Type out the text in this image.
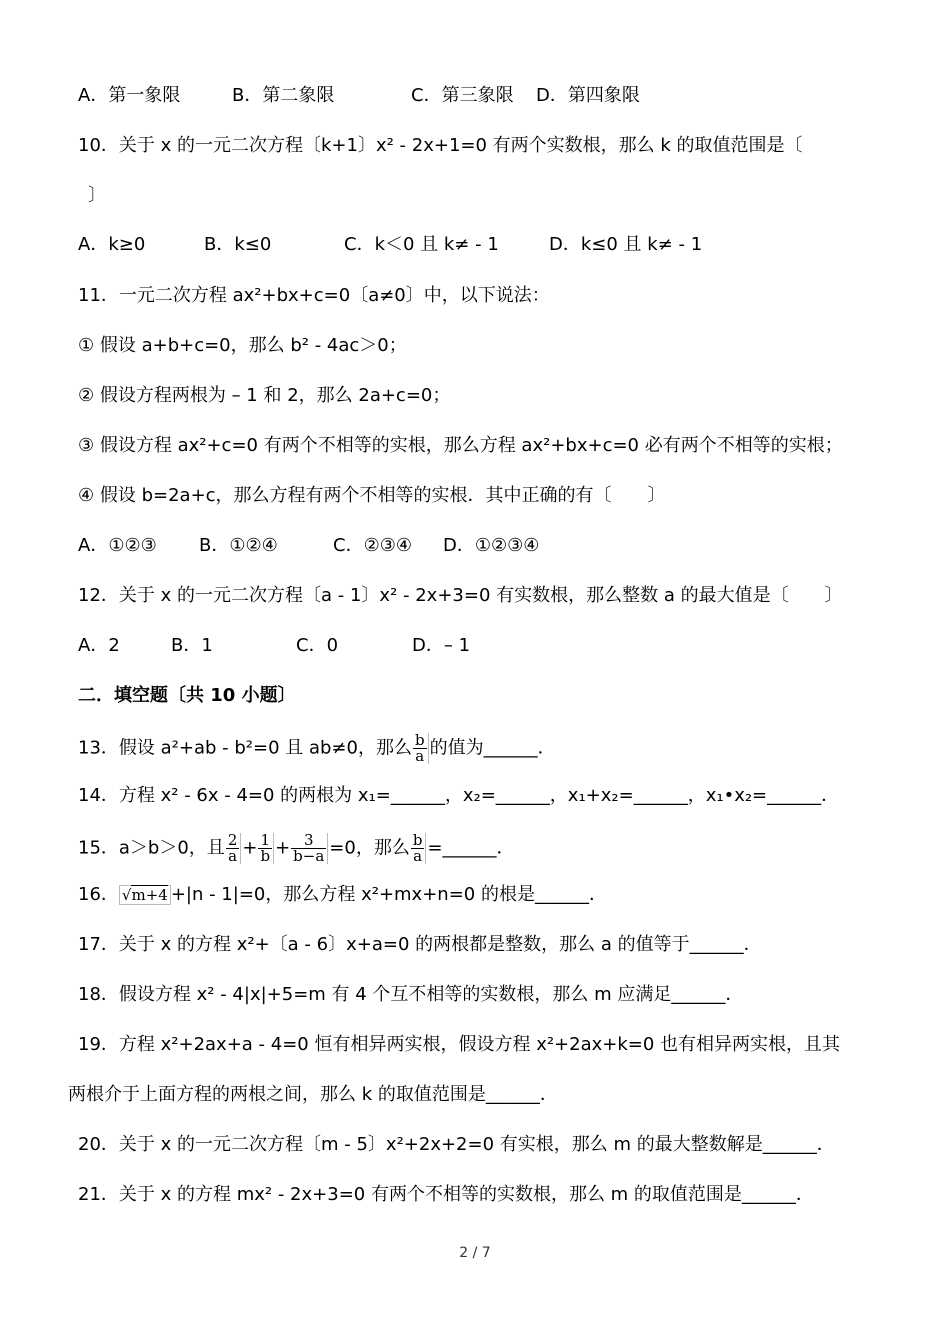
A．第一象限	B．第二象限	C．第三象限 D．第四象限
10．关于 x 的一元二次方程〔k+1〕x² - 2x+1=0 有两个实数根，那么 k 的取值范围是〔
〕
A．k≥0	B．k≤0	C．k＜0 且 k≠ - 1	D．k≤0 且 k≠ - 1
11．一元二次方程 ax²+bx+c=0〔a≠0〕中，以下说法：
① 假设 a+b+c=0，那么 b² - 4ac＞0；
② 假设方程两根为 – 1 和 2，那么 2a+c=0；
③ 假设方程 ax²+c=0 有两个不相等的实根，那么方程 ax²+bx+c=0 必有两个不相等的实根；
④ 假设 b=2a+c，那么方程有两个不相等的实根．其中正确的有〔　　〕
A．①②③ B．①②④	C．②③④ D．①②③④
12．关于 x 的一元二次方程〔a - 1〕x² - 2x+3=0 有实数根，那么整数 a 的最大值是〔　　〕
A．2	B．1	C．0	D．– 1
二．填空题〔共 10 小题〕
13．假设 a²+ab - b²=0 且 ab≠0，那么 $\frac{b}{a}$ 的值为______．
14．方程 x² - 6x - 4=0 的两根为 x₁=______，x₂=______，x₁+x₂=______，x₁•x₂=______．
15．a＞b＞0，且 $\frac{2}{a} + \frac{1}{b} + \frac{3}{b-a} =0$，那么 $\frac{b}{a}$ =______．
16． √m+4 +|n - 1|=0，那么方程 x²+mx+n=0 的根是______．
17．关于 x 的方程 x²+〔a - 6〕x+a=0 的两根都是整数，那么 a 的值等于______．
18．假设方程 x² - 4|x|+5=m 有 4 个互不相等的实数根，那么 m 应满足______．
19．方程 x²+2ax+a - 4=0 恒有相异两实根，假设方程 x²+2ax+k=0 也有相异两实根，且其
两根介于上面方程的两根之间，那么 k 的取值范围是______．
20．关于 x 的一元二次方程〔m - 5〕x²+2x+2=0 有实根，那么 m 的最大整数解是______．
21．关于 x 的方程 mx² - 2x+3=0 有两个不相等的实数根，那么 m 的取值范围是______．
2 / 7
